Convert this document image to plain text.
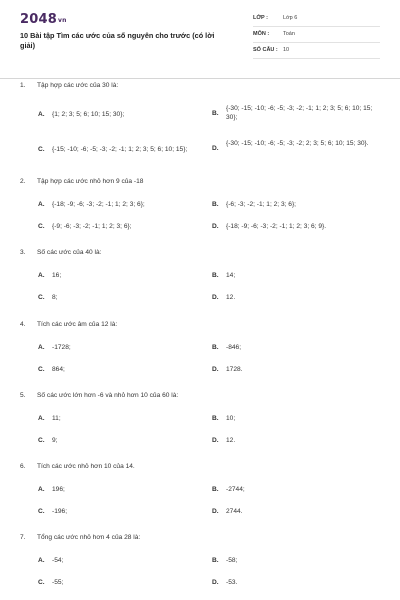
2048vn
10 Bài tập Tìm các ước của số nguyên cho trước (có lời giải)
LỚP :	Lớp 6
MÔN :	Toán
SỐ CÂU : 10
1. Tập hợp các ước của 30 là:
A. {1; 2; 3; 5; 6; 10; 15; 30};	B.
{-30; -15; -10; -6; -5; -3; -2; -1; 1; 2; 3; 5; 6; 10; 15; 30};
C. {-15; -10; -6; -5; -3; -2; -1; 1; 2; 3; 5; 6; 10; 15};	D.
{-30; -15; -10; -6; -5; -3; -2; 2; 3; 5; 6; 10; 15; 30}.
2. Tập hợp các ước nhỏ hơn 9 của -18
A. {-18; -9; -6; -3; -2; -1; 1; 2; 3; 6};	B. {-6; -3; -2; -1; 1; 2; 3; 6};
C. {-9; -6; -3; -2; -1; 1; 2; 3; 6};	D. {-18; -9; -6; -3; -2; -1; 1; 2; 3; 6; 9}.
3. Số các ước của 40 là:
A. 16;	B. 14;
C. 8;	D. 12.
4. Tích các ước âm của 12 là:
A. -1728;	B. -846;
C. 864;	D. 1728.
5. Số các ước lớn hơn -6 và nhỏ hơn 10 của 60 là:
A. 11;	B. 10;
C. 9;	D. 12.
6. Tích các ước nhỏ hơn 10 của 14.
A. 196;	B. -2744;
C. -196;	D. 2744.
7. Tổng các ước nhỏ hơn 4 của 28 là:
A. -54;	B. -58;
C. -55;	D. -53.
